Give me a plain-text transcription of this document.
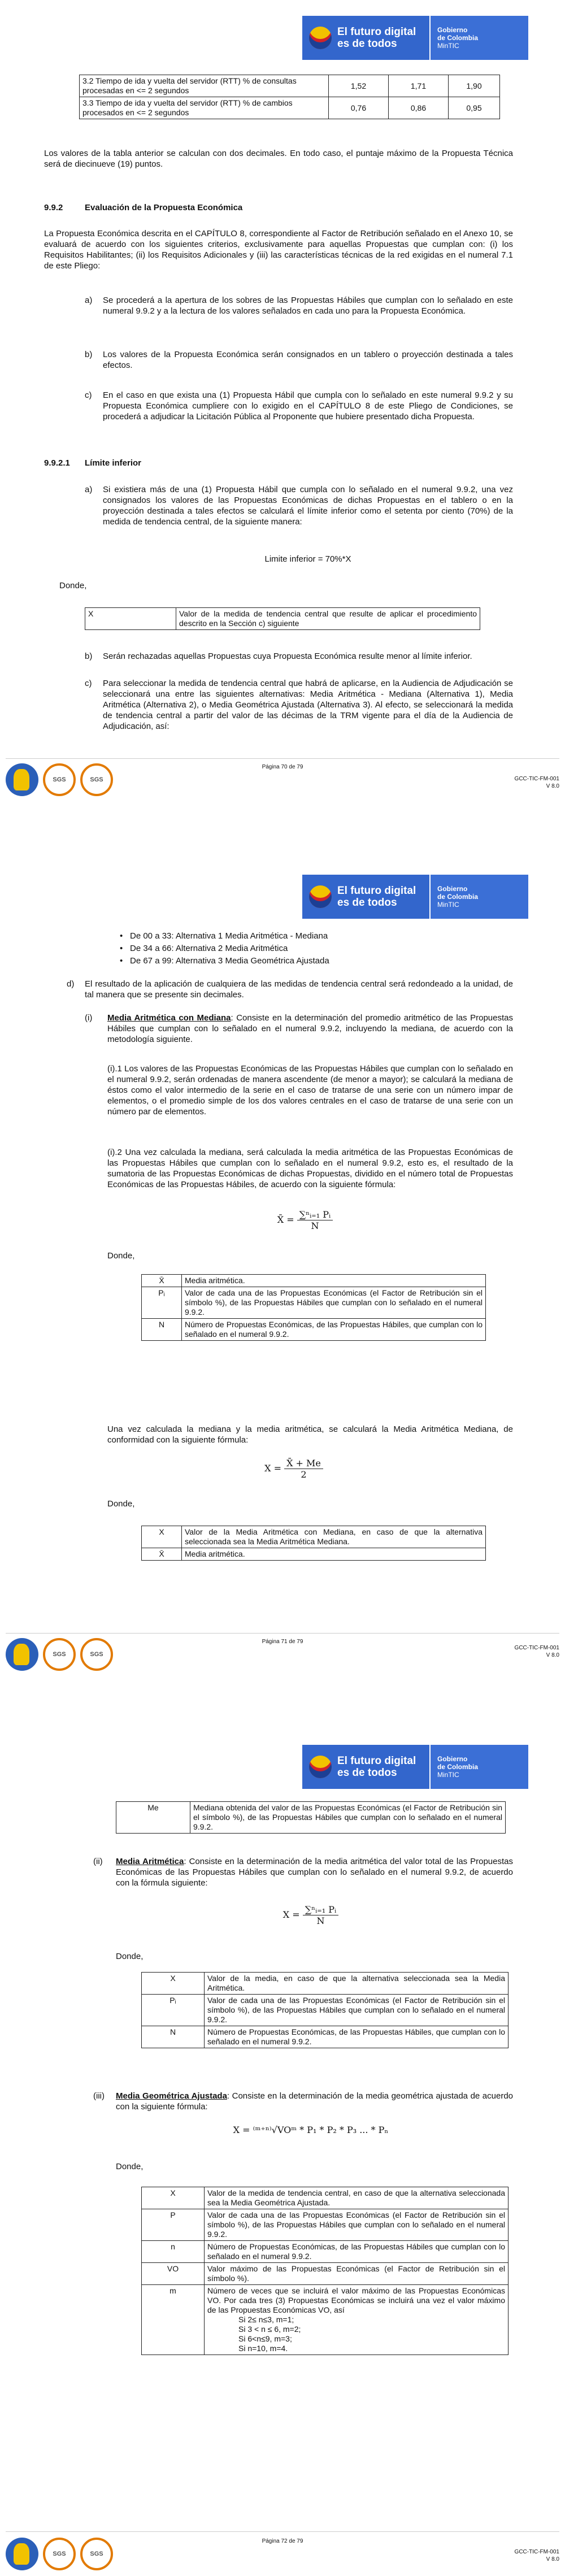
El futuro digital
es de todos
Gobierno
de Colombia
MinTIC
3.2 Tiempo de ida y vuelta del servidor (RTT) % de consultas procesadas en <= 2 segundos	1,52	1,71	1,90
3.3 Tiempo de ida y vuelta del servidor (RTT) % de cambios procesados en <= 2 segundos	0,76	0,86	0,95
Los valores de la tabla anterior se calculan con dos decimales. En todo caso, el puntaje máximo de la Propuesta Técnica será de diecinueve (19) puntos.
9.9.2	Evaluación de la Propuesta Económica
La Propuesta Económica descrita en el CAPÍTULO 8, correspondiente al Factor de Retribución señalado en el Anexo 10, se evaluará de acuerdo con los siguientes criterios, exclusivamente para aquellas Propuestas que cumplan con: (i) los Requisitos Habilitantes; (ii) los Requisitos Adicionales y (iii) las características técnicas de la red exigidas en el numeral 7.1 de este Pliego:
a) Se procederá a la apertura de los sobres de las Propuestas Hábiles que cumplan con lo señalado en este numeral 9.9.2 y a la lectura de los valores señalados en cada uno para la Propuesta Económica.
b) Los valores de la Propuesta Económica serán consignados en un tablero o proyección destinada a tales efectos.
c) En el caso en que exista una (1) Propuesta Hábil que cumpla con lo señalado en este numeral 9.9.2 y su Propuesta Económica cumpliere con lo exigido en el CAPÍTULO 8 de este Pliego de Condiciones, se procederá a adjudicar la Licitación Pública al Proponente que hubiere presentado dicha Propuesta.
9.9.2.1 Límite inferior
a) Si existiera más de una (1) Propuesta Hábil que cumpla con lo señalado en el numeral 9.9.2, una vez consignados los valores de las Propuestas Económicas de dichas Propuestas en el tablero o en la proyección destinada a tales efectos se calculará el límite inferior como el setenta por ciento (70%) de la medida de tendencia central, de la siguiente manera:
Limite inferior = 70%*X
Donde,
X	Valor de la medida de tendencia central que resulte de aplicar el procedimiento descrito en la Sección c) siguiente
b) Serán rechazadas aquellas Propuestas cuya Propuesta Económica resulte menor al límite inferior.
c) Para seleccionar la medida de tendencia central que habrá de aplicarse, en la Audiencia de Adjudicación se seleccionará una entre las siguientes alternativas: Media Aritmética - Mediana (Alternativa 1), Media Aritmética (Alternativa 2), o Media Geométrica Ajustada (Alternativa 3). Al efecto, se seleccionará la medida de tendencia central a partir del valor de las décimas de la TRM vigente para el día de la Audiencia de Adjudicación, así:
SGS	SGS
Página 70 de 79
GCC-TIC-FM-001
V 8.0
El futuro digital
es de todos
Gobierno
de Colombia
MinTIC
• De 00 a 33: Alternativa 1 Media Aritmética - Mediana
• De 34 a 66: Alternativa 2 Media Aritmética
• De 67 a 99: Alternativa 3 Media Geométrica Ajustada
d) El resultado de la aplicación de cualquiera de las medidas de tendencia central será redondeado a la unidad, de tal manera que se presente sin decimales.
(i) Media Aritmética con Mediana: Consiste en la determinación del promedio aritmético de las Propuestas Hábiles que cumplan con lo señalado en el numeral 9.9.2, incluyendo la mediana, de acuerdo con la metodología siguiente.
(i).1 Los valores de las Propuestas Económicas de las Propuestas Hábiles que cumplan con lo señalado en el numeral 9.9.2, serán ordenadas de manera ascendente (de menor a mayor); se calculará la mediana de éstos como el valor intermedio de la serie en el caso de tratarse de una serie con un número impar de elementos, o el promedio simple de los dos valores centrales en el caso de tratarse de una serie con un número par de elementos.
(i).2 Una vez calculada la mediana, será calculada la media aritmética de las Propuestas Económicas de las Propuestas Hábiles que cumplan con lo señalado en el numeral 9.9.2, esto es, el resultado de la sumatoria de las Propuestas Económicas de dichas Propuestas, dividido en el número total de Propuestas Económicas de las Propuestas Hábiles, de acuerdo con la siguiente fórmula:
X̄ = $\frac{\text{∑ⁿᵢ₌₁ Pᵢ}}{N}$
Donde,
X̄	Media aritmética.
Pᵢ	Valor de cada una de las Propuestas Económicas (el Factor de Retribución sin el símbolo %), de las Propuestas Hábiles que cumplan con lo señalado en el numeral 9.9.2.
N	Número de Propuestas Económicas, de las Propuestas Hábiles, que cumplan con lo señalado en el numeral 9.9.2.
Una vez calculada la mediana y la media aritmética, se calculará la Media Aritmética Mediana, de conformidad con la siguiente fórmula:
$X = \frac{X̄ + Me}{2}$
Donde,
X	Valor de la Media Aritmética con Mediana, en caso de que la alternativa seleccionada sea la Media Aritmética Mediana.
X̄	Media aritmética.
SGS	SGS
Página 71 de 79
GCC-TIC-FM-001
V 8.0
El futuro digital
es de todos
Gobierno
de Colombia
MinTIC
Me	Mediana obtenida del valor de las Propuestas Económicas (el Factor de Retribución sin el símbolo %), de las Propuestas Hábiles que cumplan con lo señalado en el numeral 9.9.2.
(ii) Media Aritmética: Consiste en la determinación de la media aritmética del valor total de las Propuestas Económicas de las Propuestas Hábiles que cumplan con lo señalado en el numeral 9.9.2, de acuerdo con la fórmula siguiente:
$X = \frac{\text{∑ⁿᵢ₌₁ Pᵢ}}{N}$
Donde,
X	Valor de la media, en caso de que la alternativa seleccionada sea la Media Aritmética.
Pᵢ	Valor de cada una de las Propuestas Económicas (el Factor de Retribución sin el símbolo %), de las Propuestas Hábiles que cumplan con lo señalado en el numeral 9.9.2.
N	Número de Propuestas Económicas, de las Propuestas Hábiles, que cumplan con lo señalado en el numeral 9.9.2.
(iii) Media Geométrica Ajustada: Consiste en la determinación de la media geométrica ajustada de acuerdo con la siguiente fórmula:
X = ⁽ᵐ⁺ⁿ⁾√VOᵐ * P₁ * P₂ * P₃ ... * Pₙ
Donde,
X	Valor de la medida de tendencia central, en caso de que la alternativa seleccionada sea la Media Geométrica Ajustada.
P	Valor de cada una de las Propuestas Económicas (el Factor de Retribución sin el símbolo %), de las Propuestas Hábiles que cumplan con lo señalado en el numeral 9.9.2.
n	Número de Propuestas Económicas, de las Propuestas Hábiles que cumplan con lo señalado en el numeral 9.9.2.
VO	Valor máximo de las Propuestas Económicas (el Factor de Retribución sin el símbolo %).
m	Número de veces que se incluirá el valor máximo de las Propuestas Económicas VO. Por cada tres (3) Propuestas Económicas se incluirá una vez el valor máximo de las Propuestas Económicas VO, así
Si 2≤ n≤3, m=1;
Si 3 < n ≤ 6, m=2;
Si 6<n≤9, m=3;
Si n=10, m=4.
SGS	SGS
Página 72 de 79
GCC-TIC-FM-001
V 8.0
